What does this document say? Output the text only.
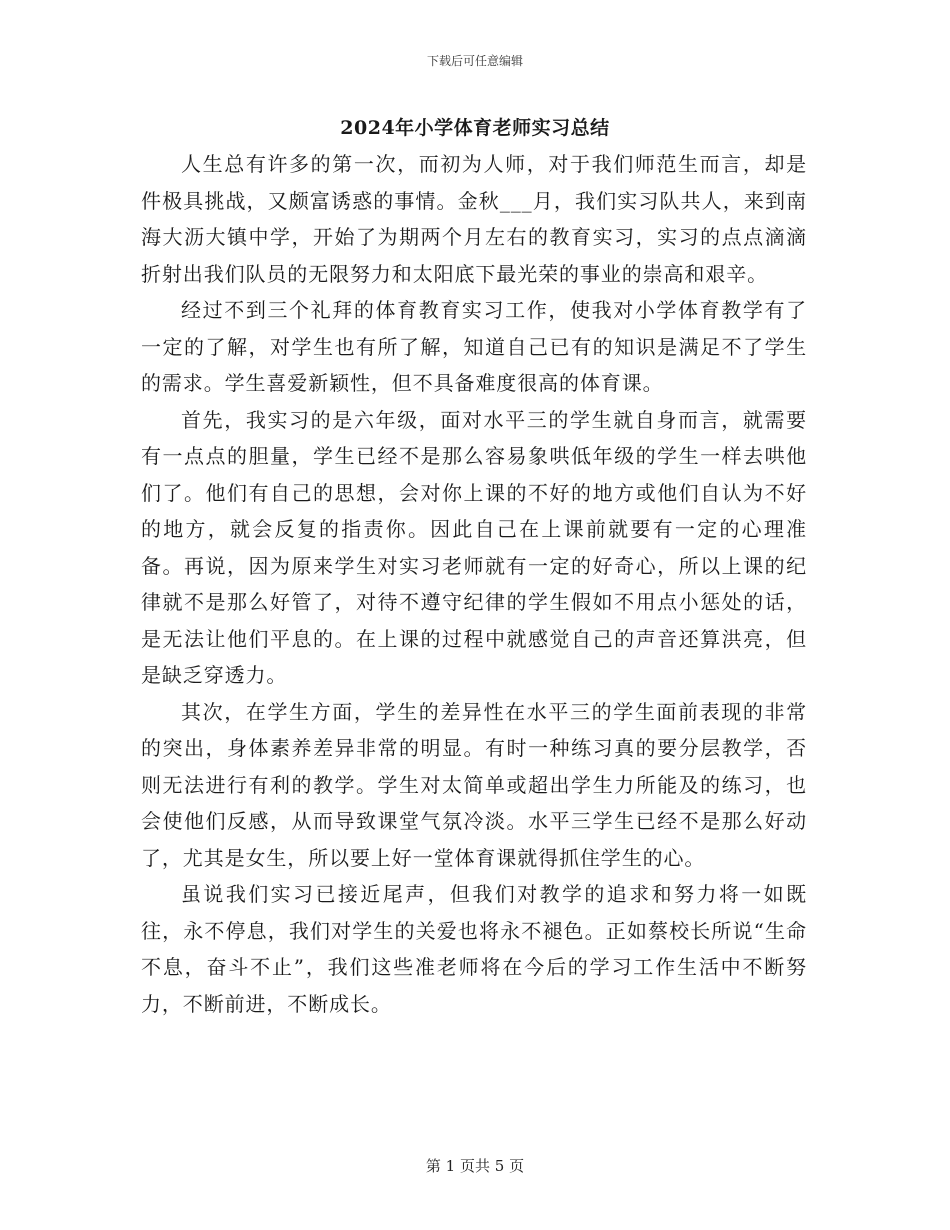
下载后可任意编辑
2024年小学体育老师实习总结

人生总有许多的第一次，而初为人师，对于我们师范生而言，却是件极具挑战，又颇富诱惑的事情。金秋___月，我们实习队共人，来到南海大沥大镇中学，开始了为期两个月左右的教育实习，实习的点点滴滴折射出我们队员的无限努力和太阳底下最光荣的事业的崇高和艰辛。

经过不到三个礼拜的体育教育实习工作，使我对小学体育教学有了一定的了解，对学生也有所了解，知道自己已有的知识是满足不了学生的需求。学生喜爱新颖性，但不具备难度很高的体育课。

首先，我实习的是六年级，面对水平三的学生就自身而言，就需要有一点点的胆量，学生已经不是那么容易象哄低年级的学生一样去哄他们了。他们有自己的思想，会对你上课的不好的地方或他们自认为不好的地方，就会反复的指责你。因此自己在上课前就要有一定的心理准备。再说，因为原来学生对实习老师就有一定的好奇心，所以上课的纪律就不是那么好管了，对待不遵守纪律的学生假如不用点小惩处的话，是无法让他们平息的。在上课的过程中就感觉自己的声音还算洪亮，但是缺乏穿透力。

其次，在学生方面，学生的差异性在水平三的学生面前表现的非常的突出，身体素养差异非常的明显。有时一种练习真的要分层教学，否则无法进行有利的教学。学生对太简单或超出学生力所能及的练习，也会使他们反感，从而导致课堂气氛冷淡。水平三学生已经不是那么好动了，尤其是女生，所以要上好一堂体育课就得抓住学生的心。

虽说我们实习已接近尾声，但我们对教学的追求和努力将一如既往，永不停息，我们对学生的关爱也将永不褪色。正如蔡校长所说“生命不息，奋斗不止”，我们这些准老师将在今后的学习工作生活中不断努力，不断前进，不断成长。

第 1 页共 5 页
